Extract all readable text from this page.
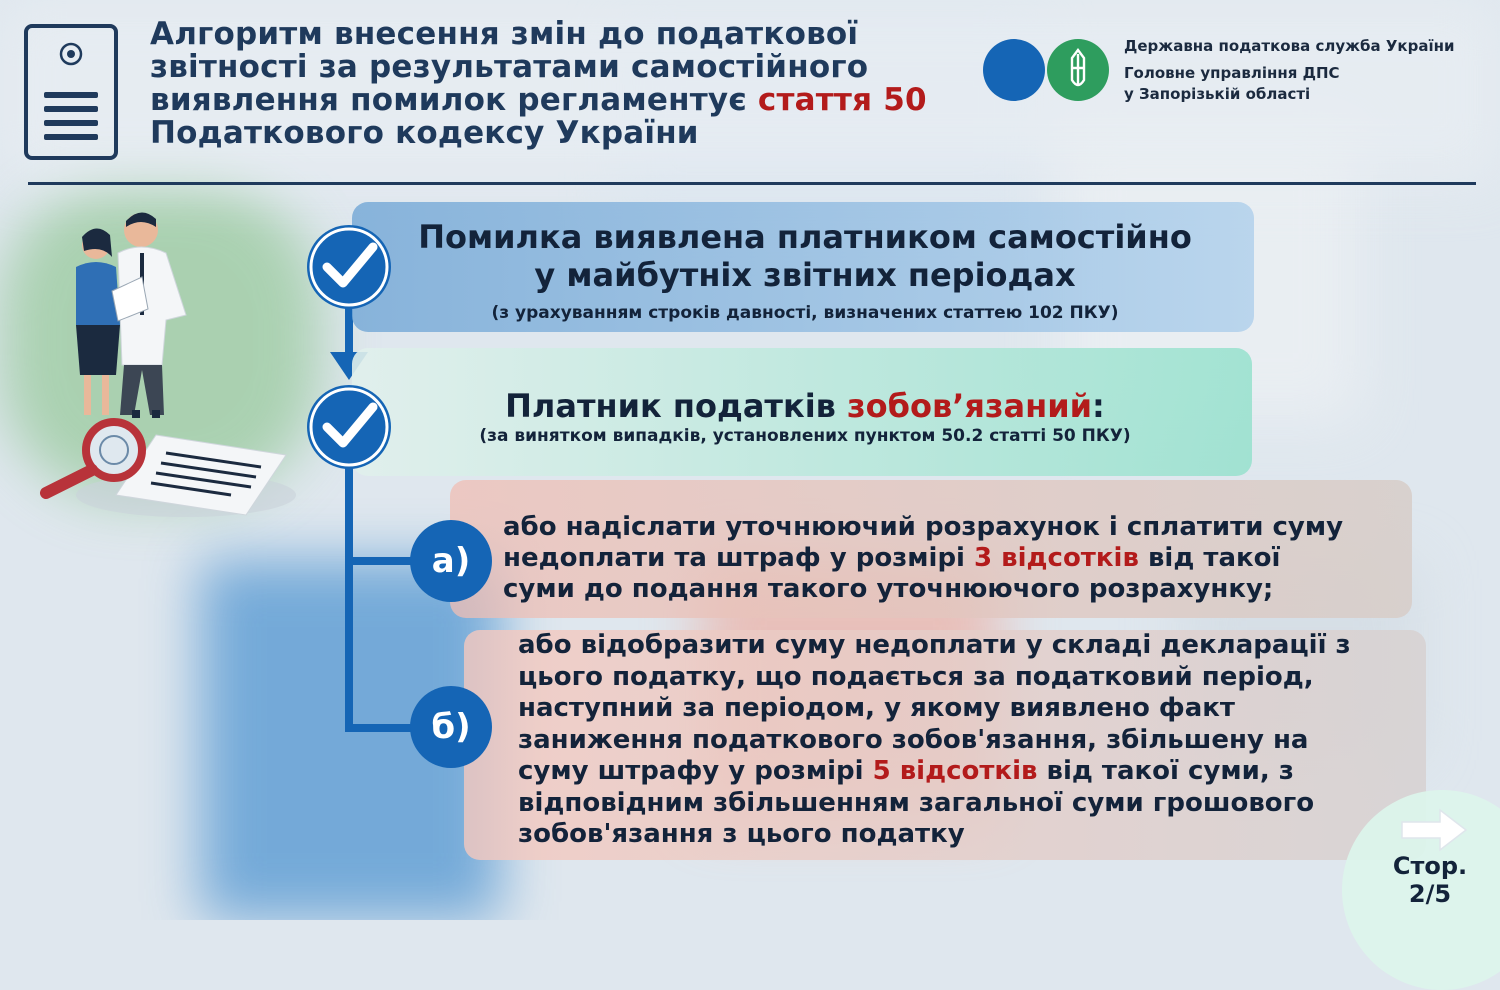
Алгоритм внесення змін до податкової
звітності за результатами самостійного
виявлення помилок регламентує стаття 50
Податкового кодексу України
Державна податкова служба України
Головне управління ДПС
у Запорізькій області
Помилка виявлена платником самостійно
у майбутніх звітних періодах
(з урахуванням строків давності, визначених статтею 102 ПКУ)
Платник податків зобов’язаний:
(за винятком випадків, установлених пунктом 50.2 статті 50 ПКУ)
або надіслати уточнюючий розрахунок і сплатити суму
недоплати та штраф у розмірі 3 відсотків від такої
суми до подання такого уточнюючого розрахунку;
а)
або відобразити суму недоплати у складі декларації з
цього податку, що подається за податковий період,
наступний за періодом, у якому виявлено факт
заниження податкового зобов'язання, збільшену на
суму штрафу у розмірі 5 відсотків від такої суми, з
відповідним збільшенням загальної суми грошового
зобов'язання з цього податку
б)
Стор.
2/5
